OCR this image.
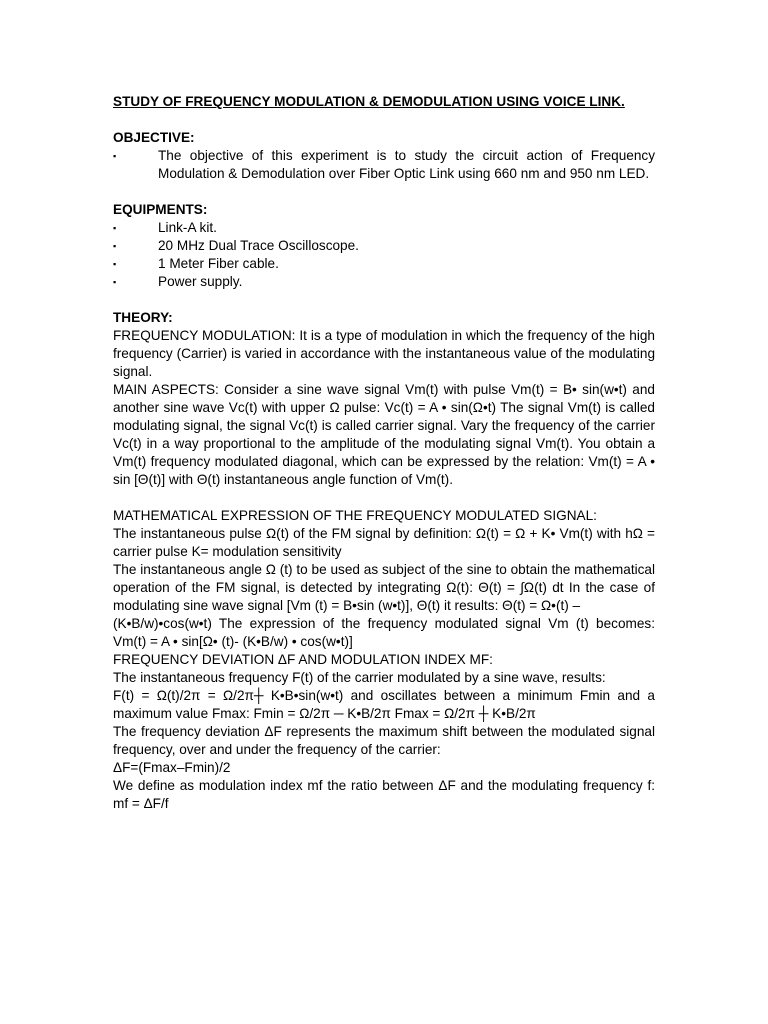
STUDY OF FREQUENCY MODULATION & DEMODULATION USING VOICE LINK.

OBJECTIVE:

▪	The objective of this experiment is to study the circuit action of Frequency Modulation & Demodulation over Fiber Optic Link using 660 nm and 950 nm LED.

EQUIPMENTS:

▪	Link-A kit.
▪	20 MHz Dual Trace Oscilloscope.
▪	1 Meter Fiber cable.
▪	Power supply.

THEORY:

FREQUENCY MODULATION: It is a type of modulation in which the frequency of the high frequency (Carrier) is varied in accordance with the instantaneous value of the modulating signal.

MAIN ASPECTS: Consider a sine wave signal Vm(t) with pulse Vm(t) = B• sin(w•t) and another sine wave Vc(t) with upper Ω pulse: Vc(t) = A • sin(Ω•t) The signal Vm(t) is called modulating signal, the signal Vc(t) is called carrier signal. Vary the frequency of the carrier Vc(t) in a way proportional to the amplitude of the modulating signal Vm(t). You obtain a Vm(t) frequency modulated diagonal, which can be expressed by the relation: Vm(t) = A • sin [Θ(t)] with Θ(t) instantaneous angle function of Vm(t).

MATHEMATICAL EXPRESSION OF THE FREQUENCY MODULATED SIGNAL:

The instantaneous pulse Ω(t) of the FM signal by definition: Ω(t) = Ω + K• Vm(t) with hΩ = carrier pulse K= modulation sensitivity

The instantaneous angle Ω (t) to be used as subject of the sine to obtain the mathematical operation of the FM signal, is detected by integrating Ω(t): Θ(t) = ∫Ω(t) dt In the case of modulating sine wave signal [Vm (t) = B•sin (w•t)], Θ(t) it results: Θ(t) = Ω•(t) –

(K•B/w)•cos(w•t) The expression of the frequency modulated signal Vm (t) becomes: Vm(t) = A • sin[Ω• (t)- (K•B/w) • cos(w•t)]

FREQUENCY DEVIATION ΔF AND MODULATION INDEX MF:

The instantaneous frequency F(t) of the carrier modulated by a sine wave, results:

F(t) = Ω(t)/2π = Ω/2π┼ K•B•sin(w•t) and oscillates between a minimum Fmin and a maximum value Fmax: Fmin = Ω/2π ─ K•B/2π Fmax = Ω/2π ┼ K•B/2π

The frequency deviation ΔF represents the maximum shift between the modulated signal frequency, over and under the frequency of the carrier:

ΔF=(Fmax–Fmin)/2

We define as modulation index mf the ratio between ΔF and the modulating frequency f: mf = ΔF/f
